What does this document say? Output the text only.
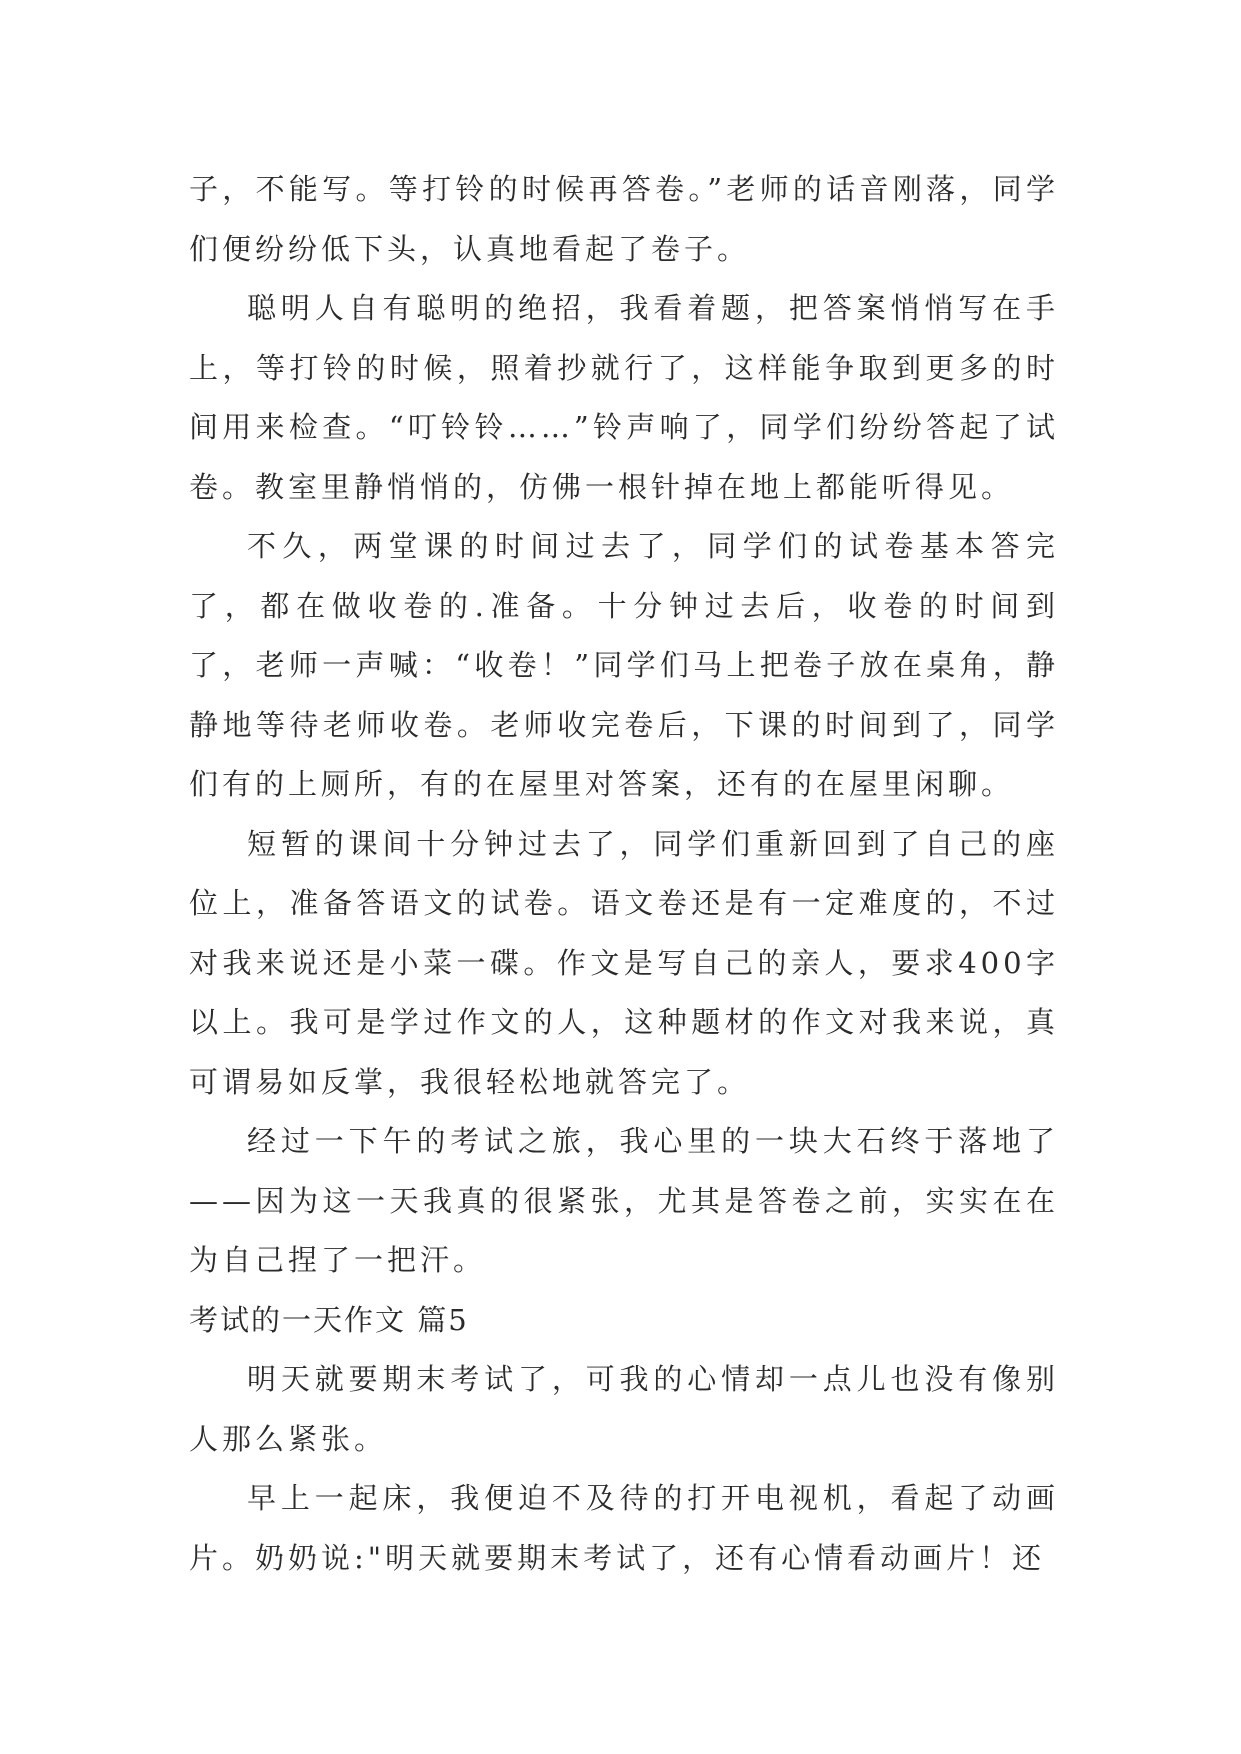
子，不能写。等打铃的时候再答卷。”老师的话音刚落，同学们便纷纷低下头，认真地看起了卷子。

聪明人自有聪明的绝招，我看着题，把答案悄悄写在手上，等打铃的时候，照着抄就行了，这样能争取到更多的时间用来检查。“叮铃铃……”铃声响了，同学们纷纷答起了试卷。教室里静悄悄的，仿佛一根针掉在地上都能听得见。

不久，两堂课的时间过去了，同学们的试卷基本答完了，都在做收卷的.准备。十分钟过去后，收卷的时间到了，老师一声喊：“收卷！”同学们马上把卷子放在桌角，静静地等待老师收卷。老师收完卷后，下课的时间到了，同学们有的上厕所，有的在屋里对答案，还有的在屋里闲聊。

短暂的课间十分钟过去了，同学们重新回到了自己的座位上，准备答语文的试卷。语文卷还是有一定难度的，不过对我来说还是小菜一碟。作文是写自己的亲人，要求400字以上。我可是学过作文的人，这种题材的作文对我来说，真可谓易如反掌，我很轻松地就答完了。

经过一下午的考试之旅，我心里的一块大石终于落地了——因为这一天我真的很紧张，尤其是答卷之前，实实在在为自己捏了一把汗。

考试的一天作文 篇5

明天就要期末考试了，可我的心情却一点儿也没有像别人那么紧张。

早上一起床，我便迫不及待的打开电视机，看起了动画片。奶奶说:"明天就要期末考试了，还有心情看动画片！还
